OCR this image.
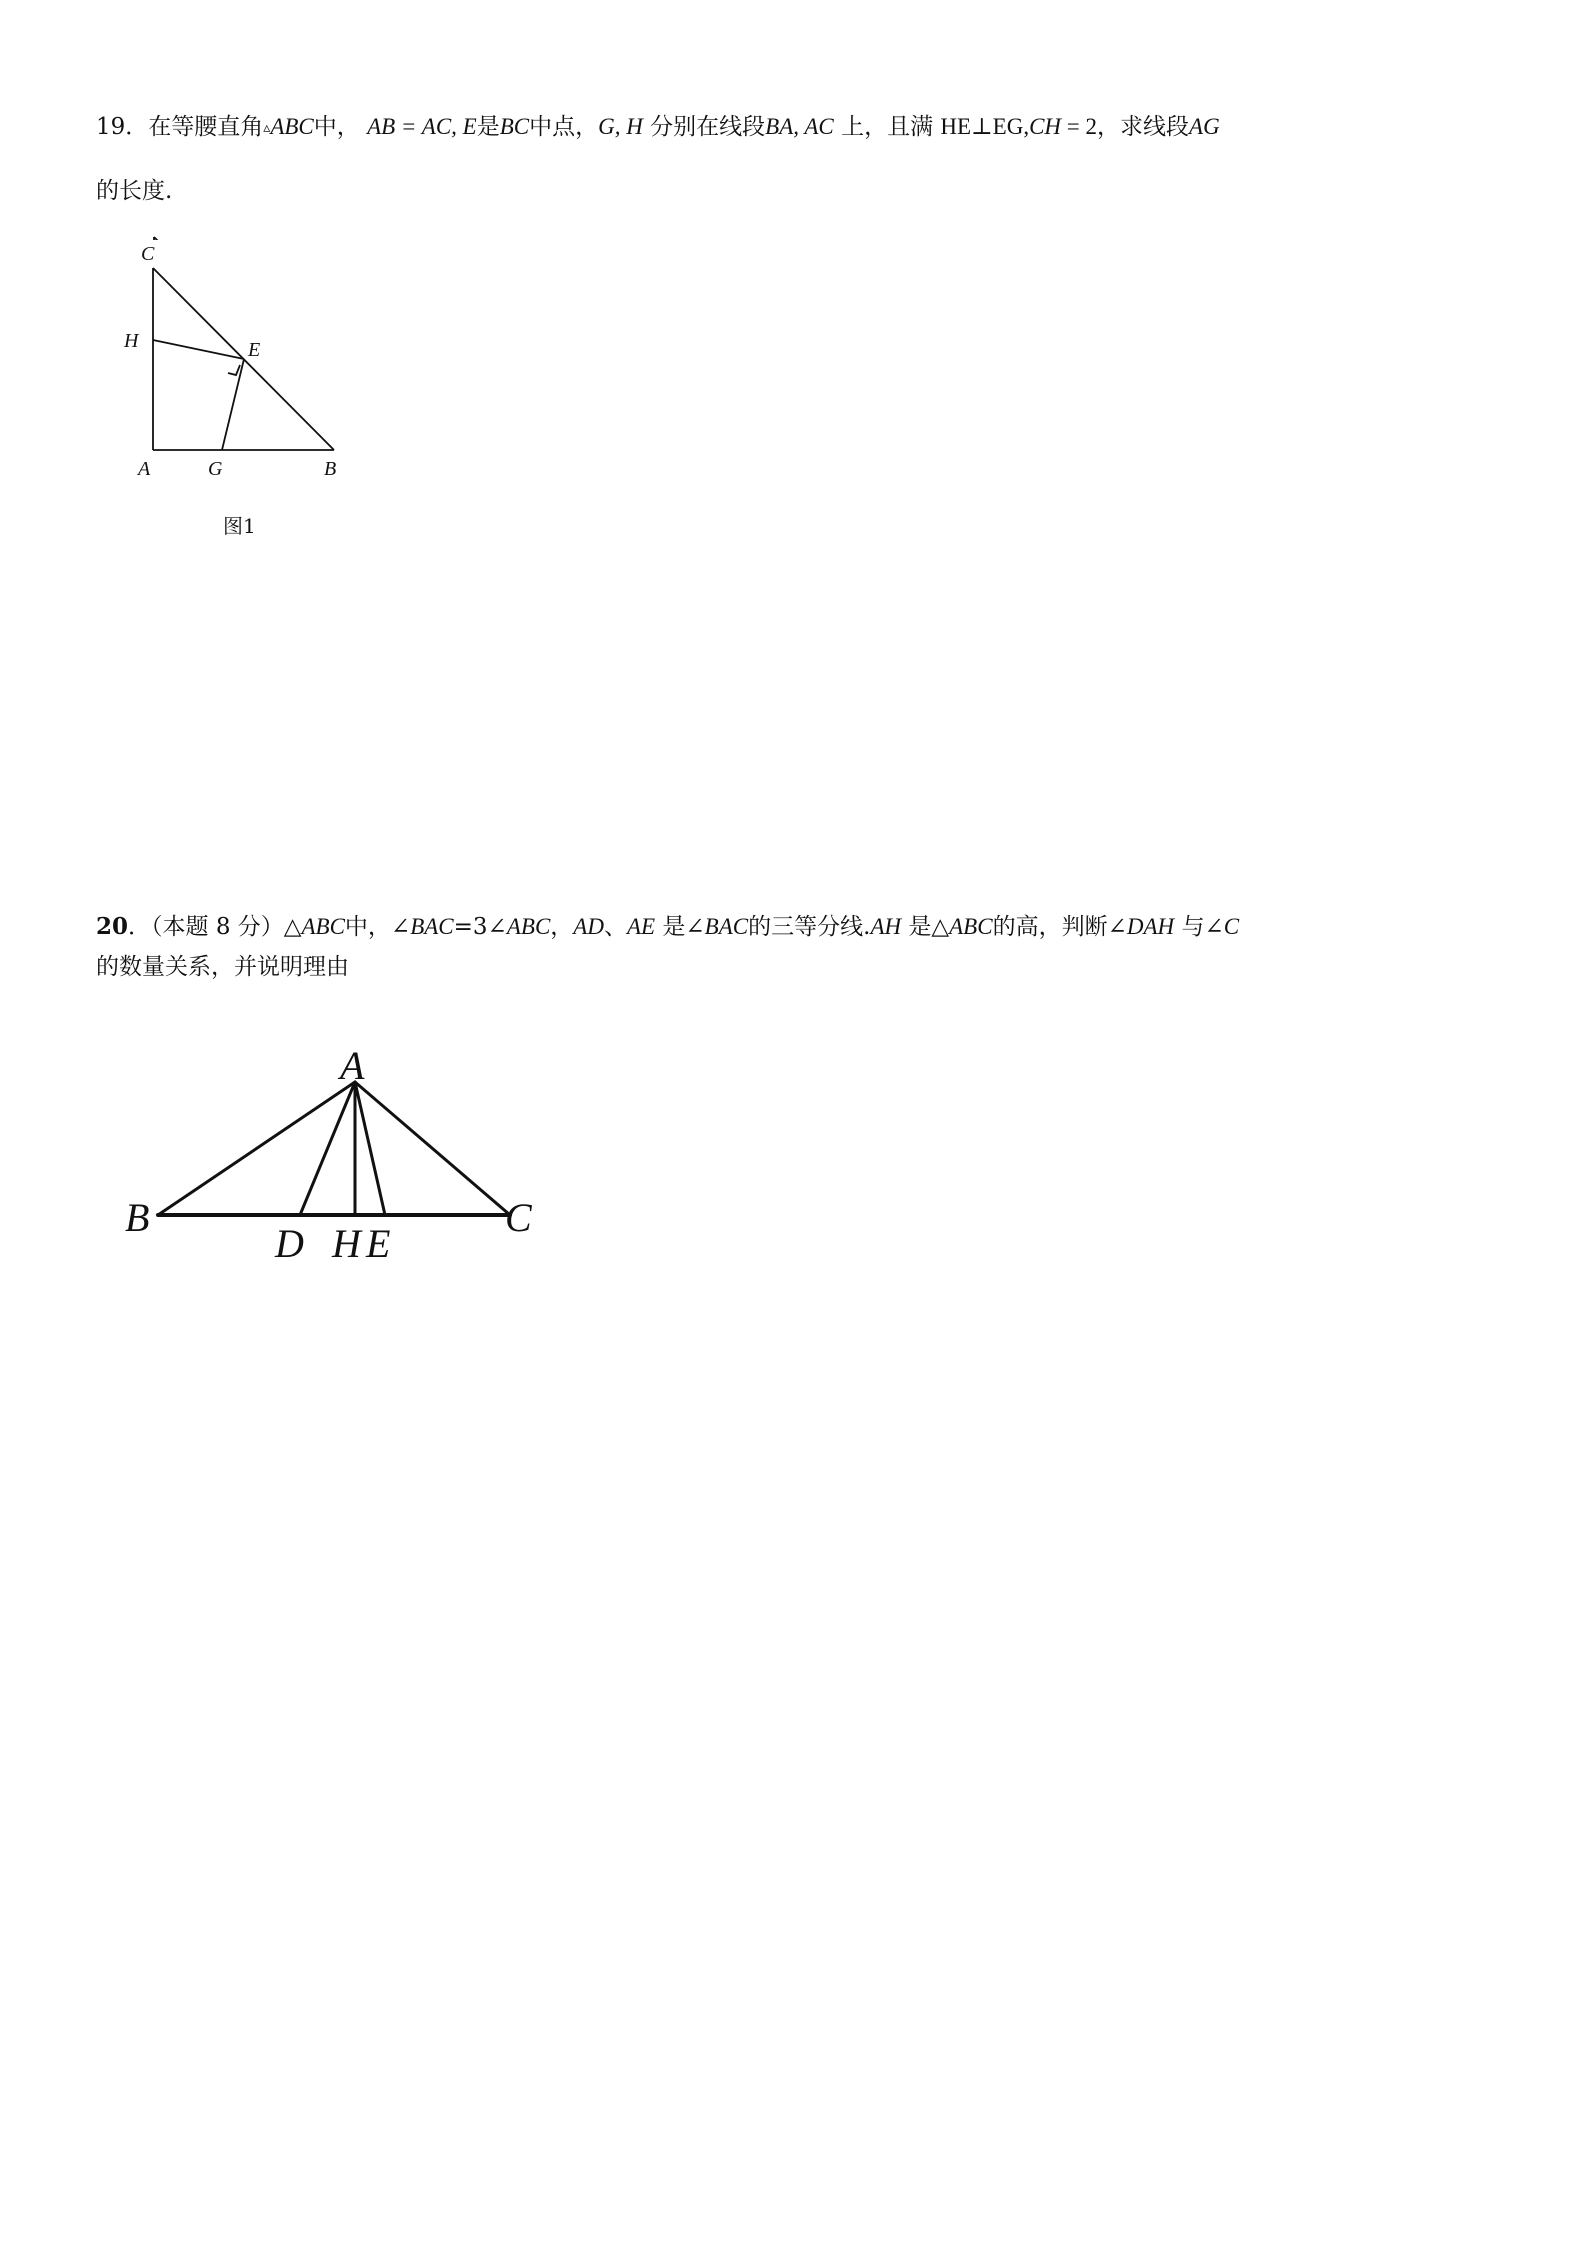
19．在等腰直角▵ABC中， AB = AC, E是BC中点，G, H 分别在线段BA, AC 上，且满 HE⊥EG,CH = 2，求线段AG
的长度.
C
H	E
A	G	B
图1
20．（本题 8 分）△ABC中，∠BAC=3∠ABC，AD、AE 是∠BAC的三等分线.AH 是△ABC的高，判断∠DAH 与∠C
的数量关系，并说明理由
A
B	C
D H E
